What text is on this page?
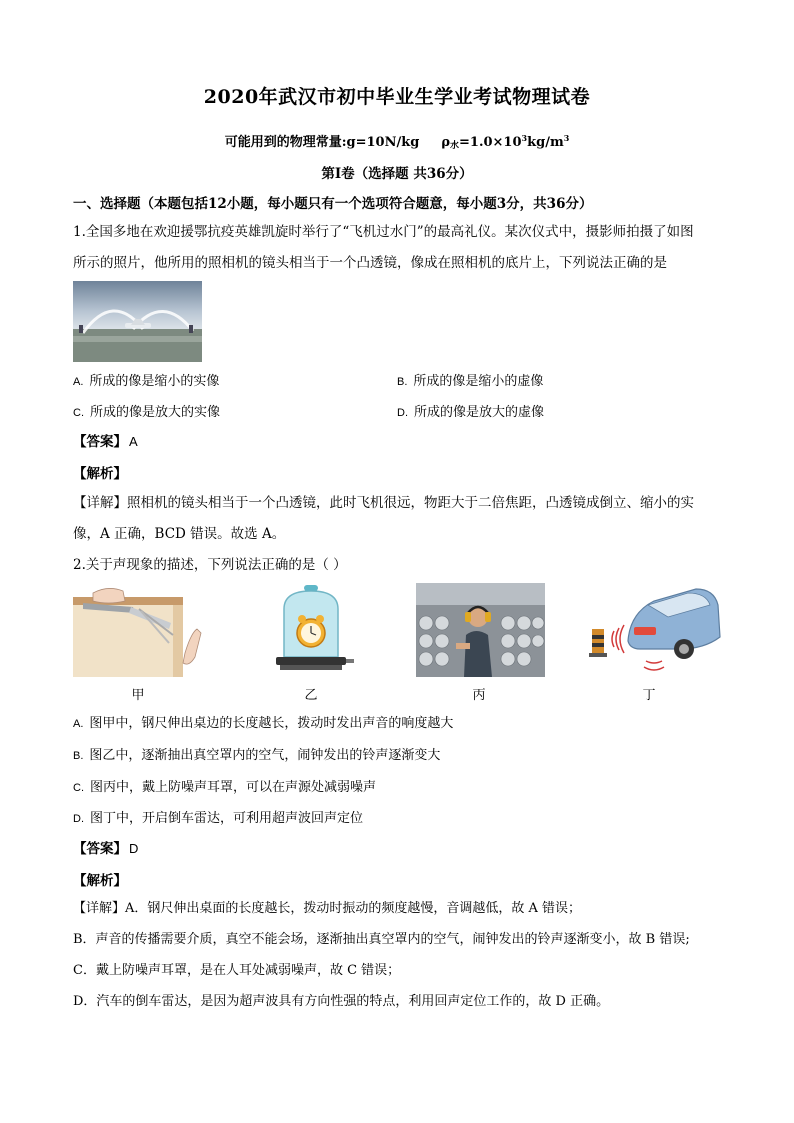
2020年武汉市初中毕业生学业考试物理试卷
可能用到的物理常量:g=10N/kg $\rho_水=1.0\times 10^3kg/m^3$
第I卷（选择题 共36分）
一、选择题（本题包括12小题，每小题只有一个选项符合题意，每小题3分，共36分）
1.全国多地在欢迎援鄂抗疫英雄凯旋时举行了“飞机过水门”的最高礼仪。某次仪式中，摄影师拍摄了如图
所示的照片，他所用的照相机的镜头相当于一个凸透镜，像成在照相机的底片上，下列说法正确的是
A. 所成的像是缩小的实像	B. 所成的像是缩小的虚像
C. 所成的像是放大的实像	D. 所成的像是放大的虚像
【答案】 A
【解析】
【详解】照相机的镜头相当于一个凸透镜，此时飞机很远，物距大于二倍焦距，凸透镜成倒立、缩小的实
像，A 正确，BCD 错误。故选 A。
2.关于声现象的描述，下列说法正确的是（ ）
甲	乙	丙	丁
A. 图甲中，钢尺伸出桌边的长度越长，拨动时发出声音的响度越大
B. 图乙中，逐渐抽出真空罩内的空气，闹钟发出的铃声逐渐变大
C. 图丙中，戴上防噪声耳罩，可以在声源处减弱噪声
D. 图丁中，开启倒车雷达，可利用超声波回声定位
【答案】 D
【解析】
【详解】A．钢尺伸出桌面的长度越长，拨动时振动的频度越慢，音调越低，故 A 错误；
B．声音的传播需要介质，真空不能会场，逐渐抽出真空罩内的空气，闹钟发出的铃声逐渐变小，故 B 错误;
C．戴上防噪声耳罩，是在人耳处减弱噪声，故 C 错误；
D．汽车的倒车雷达，是因为超声波具有方向性强的特点，利用回声定位工作的，故 D 正确。
